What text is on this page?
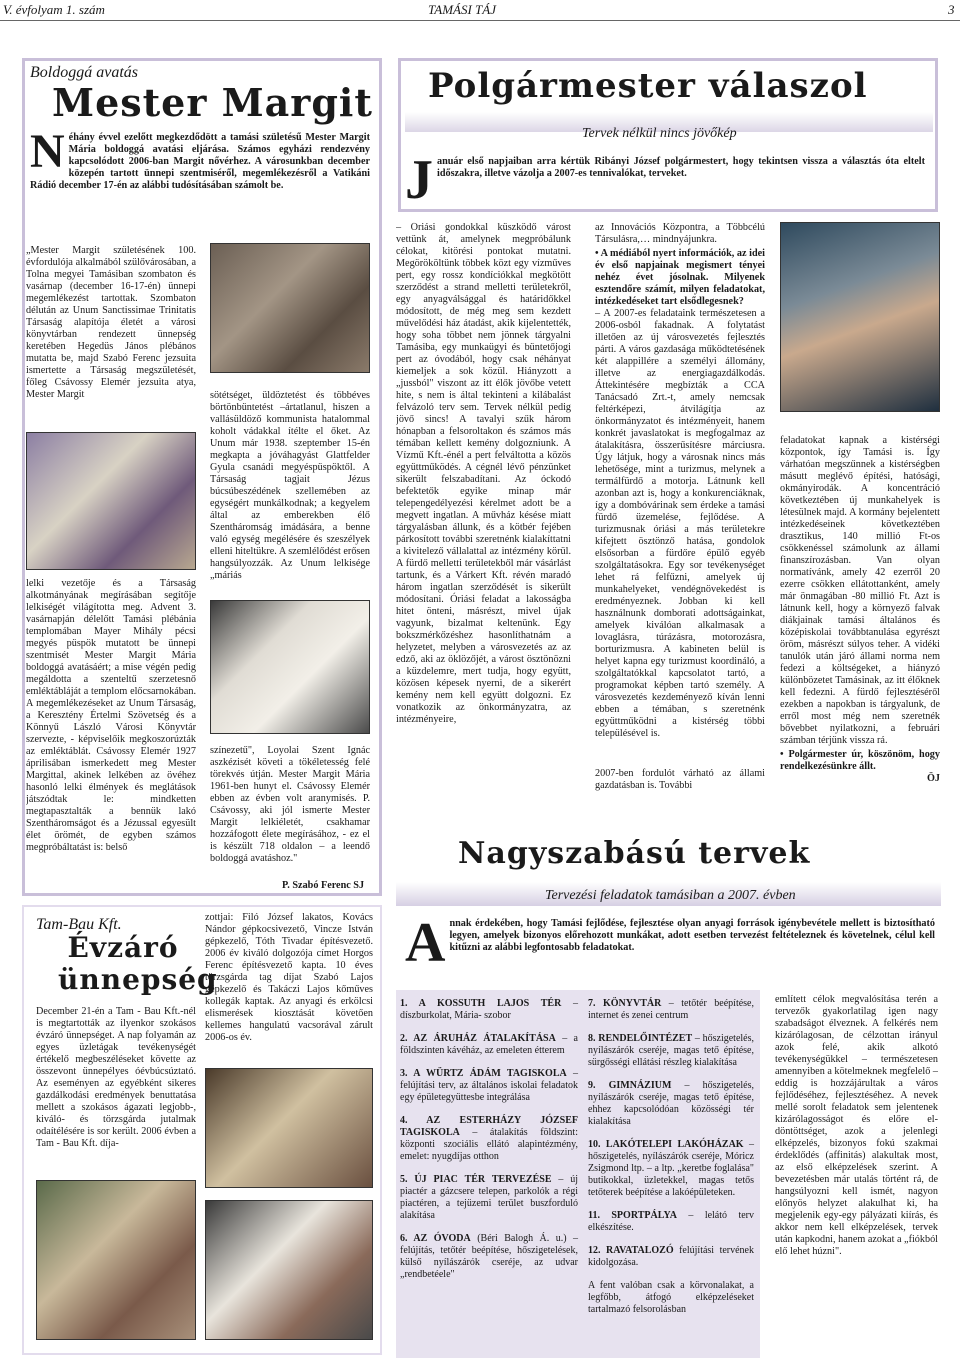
V. évfolyam 1. szám	TAMÁSI TÁJ	3
Boldoggá avatás
Mester Margit
Néhány évvel ezelőtt megkezdődött a tamási születésű Mester Margit Mária boldoggá avatási eljárása. Számos egyházi rendezvény kapcsolódott 2006-ban Margit nővérhez. A városunkban december közepén tartott ünnepi szentmiséről, megemlékezésről a Vatikáni Rádió december 17-én az alábbi tudósításában számolt be.
„Mester Margit születésének 100. évfordulója alkalmából szülővárosában, a Tolna megyei Tamásiban szombaton és vasárnap (december 16-17-én) ünnepi megemlékezést tartottak. Szombaton délután az Unum Sanctissimae Trinitatis Társaság alapítója életét a városi könyvtárban rendezett ünnepség keretében Hegedüs János plébános mutatta be, majd Szabó Ferenc jezsuita ismertette a Társaság megszületését, főleg Csávossy Elemér jezsuita atya, Mester Margit
lelki vezetője és a Társaság alkotmányának megírásában segítője lelkiségét világította meg. Advent 3. vasárnapján délelőtt Tamási plébánia templomában Mayer Mihály pécsi megyés püspök mutatott be ünnepi szentmisét Mester Margit Mária boldoggá avatásáért; a mise végén pedig megáldotta a szenteltű szerzetesnő emléktábláját a templom előcsarnokában. A megemlékezéseket az Unum Társaság, a Keresztény Értelmi Szövetség és a Könnyű László Városi Könyvtár szervezte, - képviselőik megkoszorúzták az emléktáblát. Csávossy Elemér 1927 áprilisában ismerkedett meg Mester Margittal, akinek lelkében az övéhez hasonló lelki élmények és meglátások játszódtak le: mindketten megtapasztalták a bennük lakó Szentháromságot és a Jézussal egyesült élet örömét, de egyben számos megpróbáltatást is: belső
sötétséget, üldöztetést és többéves börtönbüntetést –ártatlanul, hiszen a vallásüldöző kommunista hatalommal koholt vádakkal ítélte el őket. Az Unum már 1938. szeptember 15-én megkapta a jóváhagyást Glattfelder Gyula csanádi megyéspüspöktől. A Társaság tagjait Jézus búcsúbeszédének szellemében az egységért munkálkodnak; a kegyelem által az emberekben élő Szentháromság imádására, a benne való egység megélésére és szeszélyek elleni hiteltükre. A szemlélődést erősen hangsúlyozzák. Az Unum lelkisége „máriás
színezetű", Loyolai Szent Ignác aszkézisét követi a tökéletesség felé törekvés útján. Mester Margit Mária 1961-ben hunyt el. Csávossy Elemér ebben az évben volt aranymisés. P. Csávossy, aki jól ismerte Mester Margit lelkiéletét, csakhamar hozzáfogott élete megírásához, - ez el is készült 718 oldalon – a leendő boldoggá avatáshoz."
P. Szabó Ferenc SJ
Polgármester válaszol
Tervek nélkül nincs jövőkép
Január első napjaiban arra kértük Ribányi József polgármestert, hogy tekintsen vissza a választás óta eltelt időszakra, illetve vázolja a 2007-es tennivalókat, terveket.
– Óriási gondokkal küszködő várost vettünk át, amelynek megpróbálunk célokat, kitörési pontokat mutatni. Megörököltünk többek közt egy vízműves pert, egy rossz kondíciókkal megkötött szerződést a strand melletti területekről, egy anyagválsággal és határidőkkel módosított, de még meg sem kezdett művelődési ház átadást, akik kijelentették, hogy soha többet nem jönnek tárgyalni Tamásiba, egy munkaügyi és büntetőjogi pert az óvodából, hogy csak néhányat kiemeljek a sok közül. Hiányzott a „jussból" viszont az itt élők jövőbe vetett hite, s nem is által tekinteni a kilábalást felvázoló terv sem. Tervek nélkül pedig jövő sincs! A tavalyi szűk három hónapban a felsoroltakon és számos más témában kellett kemény dolgozniunk. A Vízmű Kft.-énél a pert felváltotta a közös együttműködés. A cégnél lévő pénzünket sikerült felszabadítani. Az óckodó befektetők egyike minap már telepengedélyezési kérelmet adott be a megvett ingatlan. A művház késése miatt tárgyalásban állunk, és a kötbér fejében párkosított további szeretnénk kialakíttatni a kivitelező vállalattal az intézmény körül. A fürdő melletti területekből már vásárlást tartunk, és a Várkert Kft. révén maradó három ingatlan szerződését is sikerült módosítani. Óriási feladat a lakosságba hitet önteni, másrészt, mivel újak vagyunk, bizalmat keltenünk. Egy bokszmérkőzéshez hasonlíthatnám a helyzetet, melyben a városvezetés az az edző, aki az öklözőjét, a várost ösztönözni a küzdelemre, mert tudja, hogy együtt, közösen képesek nyerni, de a sikerért kemény nem kell együtt dolgozni. Ez vonatkozik az önkormányzatra, az intézményeire,
az Innovációs Központra, a Többcélú Társulásra,… mindnyájunkra.
• A médiából nyert információk, az idei év első napjainak megismert tényei nehéz évet jósolnak. Milyenek esztendőre számít, milyen feladatokat, intézkedéseket tart elsődlegesnek?
– A 2007-es feladataink természetesen a 2006-osból fakadnak. A folytatást illetően az új városvezetés fejlesztés párti. A város gazdasága működtetésének két alappillére a személyi állomány, illetve az energiagazdálkodás. Áttekintésére megbízták a CCA Tanácsadó Zrt.-t, amely nemcsak feltérképezi, átvilágítja az önkormányzatot és intézményeit, hanem konkrét javaslatokat is megfogalmaz az átalakításra, összerűsítésre márciusra. Úgy látjuk, hogy a városnak nincs más lehetősége, mint a turizmus, melynek a termálfürdő a motorja. Látnunk kell azonban azt is, hogy a konkurenciáknak, így a dombóvárinak sem érdeke a tamási fürdő üzemelése, fejlődése. A turizmusnak óriási a más területekre kifejtett ösztönző hatása, gondolok elsősorban a fürdőre épülő egyéb szolgáltatásokra. Egy sor tevékenységet lehet rá felfűzni, amelyek új munkahelyeket, vendégnövekedést is eredményeznek. Jobban ki kell használnunk domborati adottságainkat, amelyek kiválóan alkalmasak a lovaglásra, túrázásra, motorozásra, borturizmusra. A kabineten belül is helyet kapna egy turizmust koordináló, a szolgáltatókkal kapcsolatot tartó, a programokat képben tartó személy. A városvezetés kezdeményező kíván lenni ebben a témában, s szeretnénk együttműködni a kistérség többi településével is.
2007-ben fordulót várható az állami gazdatásban is. További
feladatokat kapnak a kistérségi központok, így Tamási is. Így várhatóan megszűnnek a kistérségben másutt meglévő építési, hatósági, okmányirodák. A koncentráció következtében új munkahelyek is létesülnek majd. A kormány bejelentett intézkedéseinek következtében drasztikus, 140 millió Ft-os csökkenéssel számolunk az állami finanszírozásban. Van olyan normatívánk, amely 42 ezerről 20 ezerre csökken ellátottanként, amely már önmagában -80 millió Ft. Azt is látnunk kell, hogy a környező falvak diákjainak tamási általános és középiskolai továbbtanulása egyrészt öröm, másrészt súlyos teher. A vidéki tanulók után járó állami norma nem fedezi a költségeket, a hiányzó különbözetet Tamásinak, az itt élőknek kell fedezni. A fürdő fejlesztéséről ezekben a napokban is tárgyalunk, de erről most még nem szeretnék bővebbet nyilatkozni, a februári számban térjünk vissza rá.
• Polgármester úr, köszönöm, hogy rendelkezésünkre állt.
ÖJ
Tam-Bau Kft.
Évzáró
ünnepség
December 21-én a Tam - Bau Kft.-nél is megtartották az ilyenkor szokásos évzáró ünnepséget. A nap folyamán az egyes üzletágak tevékenységét értékelő megbeszéléseket követte az összevont ünnepélyes óévbúcsúztató. Az eseményen az egyébként sikeres gazdálkodási eredmények benuttatása mellett a szokásos ágazati legjobb-, kiváló- és törzsgárda jutalmak odaítélésére is sor került. 2006 évben a Tam - Bau Kft. díja-
zottjai: Filó József lakatos, Kovács Nándor gépkocsivezető, Vincze István gépkezelő, Tóth Tivadar építésvezető. 2006 év kiváló dolgozója címet Horgos Ferenc építésvezető kapta. 10 éves törzsgárda tag díjat Szabó Lajos gépkezelő és Takáczi Lajos kőműves kollegák kaptak. Az anyagi és erkölcsi elismerések kiosztását követően kellemes hangulatú vacsorával zárult 2006-os év.
Nagyszabású tervek
Tervezési feladatok tamásiban a 2007. évben
Annak érdekében, hogy Tamási fejlődése, fejlesztése olyan anyagi források igénybevétele mellett is biztosítható legyen, amelyek bizonyos előrehozott munkákat, adott esetben tervezést feltételeznek és követelnek, célul kell kitűzni az alábbi legfontosabb feladatokat.
1. A KOSSUTH LAJOS TÉR – díszburkolat, Mária- szobor
2. AZ ÁRUHÁZ ÁTALAKÍTÁSA – a földszinten kávéház, az emeleten étterem
3. A WÜRTZ ÁDÁM TAGISKOLA – felújítási terv, az általános iskolai feladatok egy épületegyüttesbe integrálása
4. AZ ESTERHÁZY JÓZSEF TAGISKOLA – átalakítás földszint: központi szociális ellátó alapintézmény, emelet: nyugdíjas otthon
5. ÚJ PIAC TÉR TERVEZÉSE – új piactér a gázcsere telepen, parkolók a régi piactéren, a tejüzemi terület buszforduló alakítása
6. AZ ÓVODA (Béri Balogh Á. u.) – felújítás, tetőtér beépítése, hőszigetelések, külső nyílászárók cseréje, az udvar „rendbetéele"
7. KÖNYVTÁR – tetőtér beépítése, internet és zenei centrum
8. RENDELŐINTÉZET – hőszigetelés, nyílászárók cseréje, magas tető építése, sürgősségi ellátási részleg kialakítása
9. GIMNÁZIUM – hőszigetelés, nyílászárók cseréje, magas tető építése, ehhez kapcsolódóan közösségi tér kialakítása
10. LAKÓTELEPI LAKÓHÁZAK – hőszigetelés, nyílászárók cseréje, Móricz Zsigmond ltp. – a ltp. „keretbe foglalása" butikokkal, üzletekkel, magas tetős tetőterek beépítése a lakóépületeken.
11. SPORTPÁLYA – lelátó terv elkészítése.
12. RAVATALOZÓ felújítási tervének kidolgozása.
A fent valóban csak a körvonalakat, a legfőbb, átfogó elképzeléseket tartalmazó felsorolásban
említett célok megvalósítása terén a tervezők gyakorlatilag igen nagy szabadságot élveznek. A felkérés nem kizárólagosan, de célzottan irányul azok felé, akik alkotó tevékenységükkel – természetesen amennyiben a kötelmeknek megfelelő – eddig is hozzájárultak a város fejlődéséhez, fejlesztéséhez. A nevek mellé sorolt feladatok sem jelentenek kizárólagosságot és előre el-döntöttséget, azok a jelenlegi elképzelés, bizonyos fokú szakmai érdeklődés (affinitás) alakultak most, az első elképzelések szerint. A bevezetésben már utalás történt rá, de hangsúlyozni kell ismét, nagyon előnyös helyzet alakulhat ki, ha megjelenik egy-egy pályázati kiírás, és akkor nem kell elképzelések, tervek után kapkodni, hanem azokat a „fiókból elő lehet húzni".
